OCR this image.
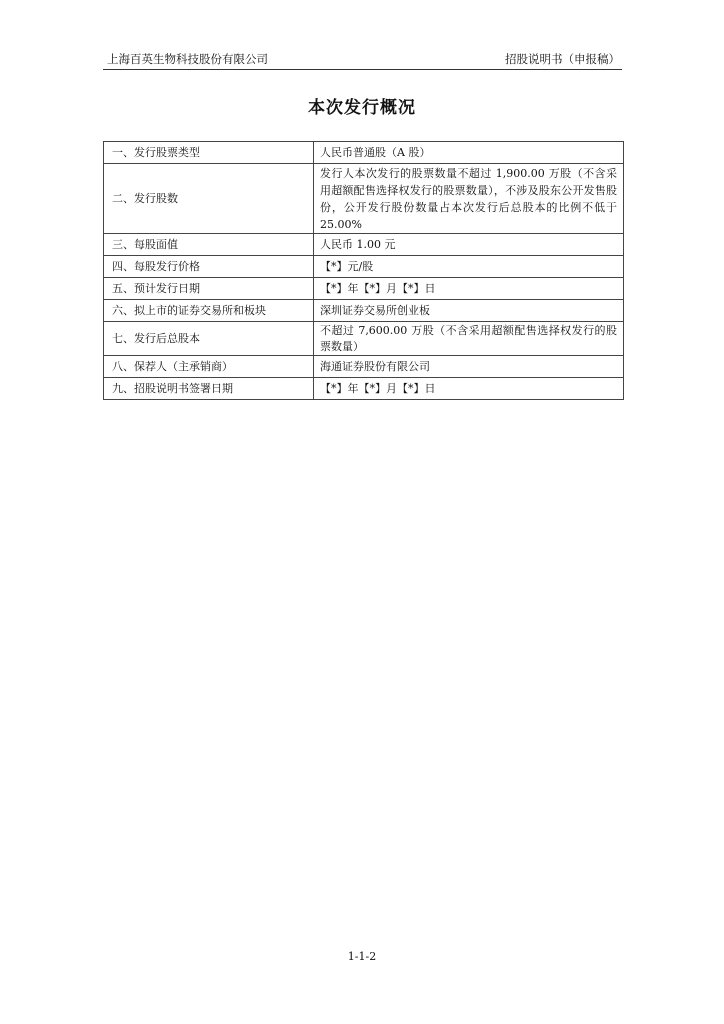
上海百英生物科技股份有限公司	招股说明书（申报稿）
本次发行概况
一、发行股票类型	人民币普通股（A 股）
二、发行股数	发行人本次发行的股票数量不超过 1,900.00 万股（不含采用超额配售选择权发行的股票数量），不涉及股东公开发售股份，公开发行股份数量占本次发行后总股本的比例不低于 25.00%
三、每股面值	人民币 1.00 元
四、每股发行价格	【*】元/股
五、预计发行日期	【*】年【*】月【*】日
六、拟上市的证券交易所和板块	深圳证券交易所创业板
七、发行后总股本	不超过 7,600.00 万股（不含采用超额配售选择权发行的股票数量）
八、保荐人（主承销商）	海通证券股份有限公司
九、招股说明书签署日期	【*】年【*】月【*】日
1-1-2
